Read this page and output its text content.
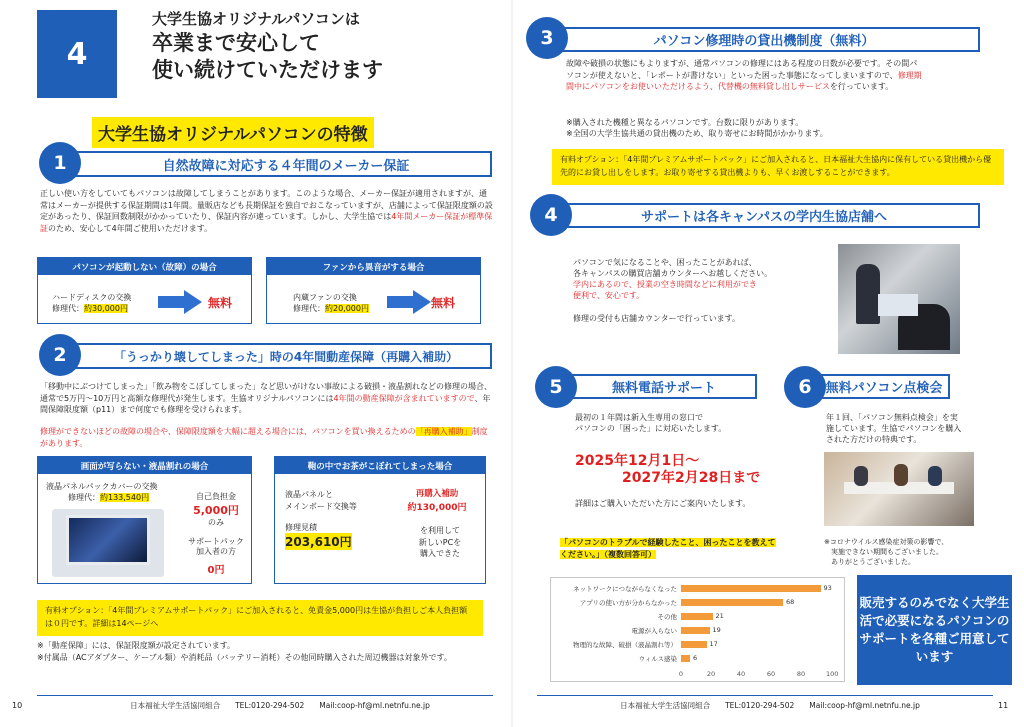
4
大学生協オリジナルパソコンは
卒業まで安心して
使い続けていただけます
大学生協オリジナルパソコンの特徴
自然故障に対応する４年間のメーカー保証
1
正しい使い方をしていてもパソコンは故障してしまうことがあります。このような場合、メーカー保証が適用されますが、通常はメーカーが提供する保証期間は1年間。量販店なども長期保証を独自でおこなっていますが、店舗によって保証限度額の設定があったり、保証回数制限がかかっていたり、保証内容が違っています。しかし、大学生協では4年間メーカー保証が標準保証のため、安心して4年間ご使用いただけます。
パソコンが起動しない（故障）の場合
ハードディスクの交換
修理代：約30,000円	無料
ファンから異音がする場合
内蔵ファンの交換
修理代：約20,000円	無料
「うっかり壊してしまった」時の4年間動産保障（再購入補助）
2
「移動中にぶつけてしまった」「飲み物をこぼしてしまった」など思いがけない事故による破損・液晶割れなどの修理の場合、通常で5万円〜10万円と高額な修理代が発生します。生協オリジナルパソコンには4年間の動産保障が含まれていますので、年間保障限度額（p11）まで何度でも修理を受けられます。
修理ができないほどの故障の場合や、保障限度額を大幅に超える場合には、パソコンを買い換えるための「再購入補助」制度があります。
画面が写らない・液晶割れの場合
液晶パネルパックカバーの交換
修理代：約133,540円	自己負担金
5,000円
のみ
サポートパック加入者の方
0円
鞄の中でお茶がこぼれてしまった場合
液晶パネルと
メインボード交換等
修理見積
203,610円
再購入補助
約130,000円
を利用して
新しいPCを
購入できた
有料オプション：「4年間プレミアムサポートパック」にご加入されると、免責金5,000円は生協が負担しご本人負担額は０円です。詳細は14ページへ
※「動産保障」には、保証限度額が設定されています。
※付属品（ACアダプター、ケーブル類）や消耗品（バッテリー消耗）その他同時購入された周辺機器は対象外です。
10	日本福祉大学生活協同組合　　 TEL:0120-294-502　　 Mail:coop-hf@ml.netnfu.ne.jp
パソコン修理時の貸出機制度（無料）
3
故障や破損の状態にもよりますが、通常パソコンの修理にはある程度の日数が必要です。その間パソコンが使えないと、「レポートが書けない」といった困った事態になってしまいますので、修理期間中にパソコンをお使いいただけるよう、代替機の無料貸し出しサービスを行っています。
※購入された機種と異なるパソコンです。台数に限りがあります。
※全国の大学生協共通の貸出機のため、取り寄せにお時間がかかります。
有料オプション：「4年間プレミアムサポートパック」にご加入されると、日本福祉大生協内に保有している貸出機から優先的にお貸し出しをします。お取り寄せする貸出機よりも、早くお渡しすることができます。
サポートは各キャンパスの学内生協店舗へ
4
パソコンで気になることや、困ったことがあれば、
各キャンパスの購買店舗カウンターへお越しください。
学内にあるので、授業の空き時間などに利用ができ
便利で、安心です。
修理の受付も店舗カウンターで行っています。
無料電話サポート
5
最初の１年間は新入生専用の窓口で
パソコンの「困った」に対応いたします。
2025年12月1日〜
2027年2月28日まで
詳細はご購入いただいた方にご案内いたします。
無料パソコン点検会
6
年１回、「パソコン無料点検会」を実
施しています。生協でパソコンを購入
された方だけの特典です。
※コロナウイルス感染症対策の影響で、
　実施できない期間もございました。
　ありがとうございました。
「パソコンのトラブルで経験したこと、困ったことを教えてください。」（複数回答可）
93
68
21
19
17
6
ネットワークにつながらなくなった
アプリの使い方が分からなかった
その他
電源が入らない
物理的な故障、破損（液晶割れ等）
ウィルス感染
0	20	40	60	80	100
販売するのみでなく大学生活で必要になるパソコンのサポートを各種ご用意しています
11
日本福祉大学生活協同組合　　 TEL:0120-294-502　　 Mail:coop-hf@ml.netnfu.ne.jp
